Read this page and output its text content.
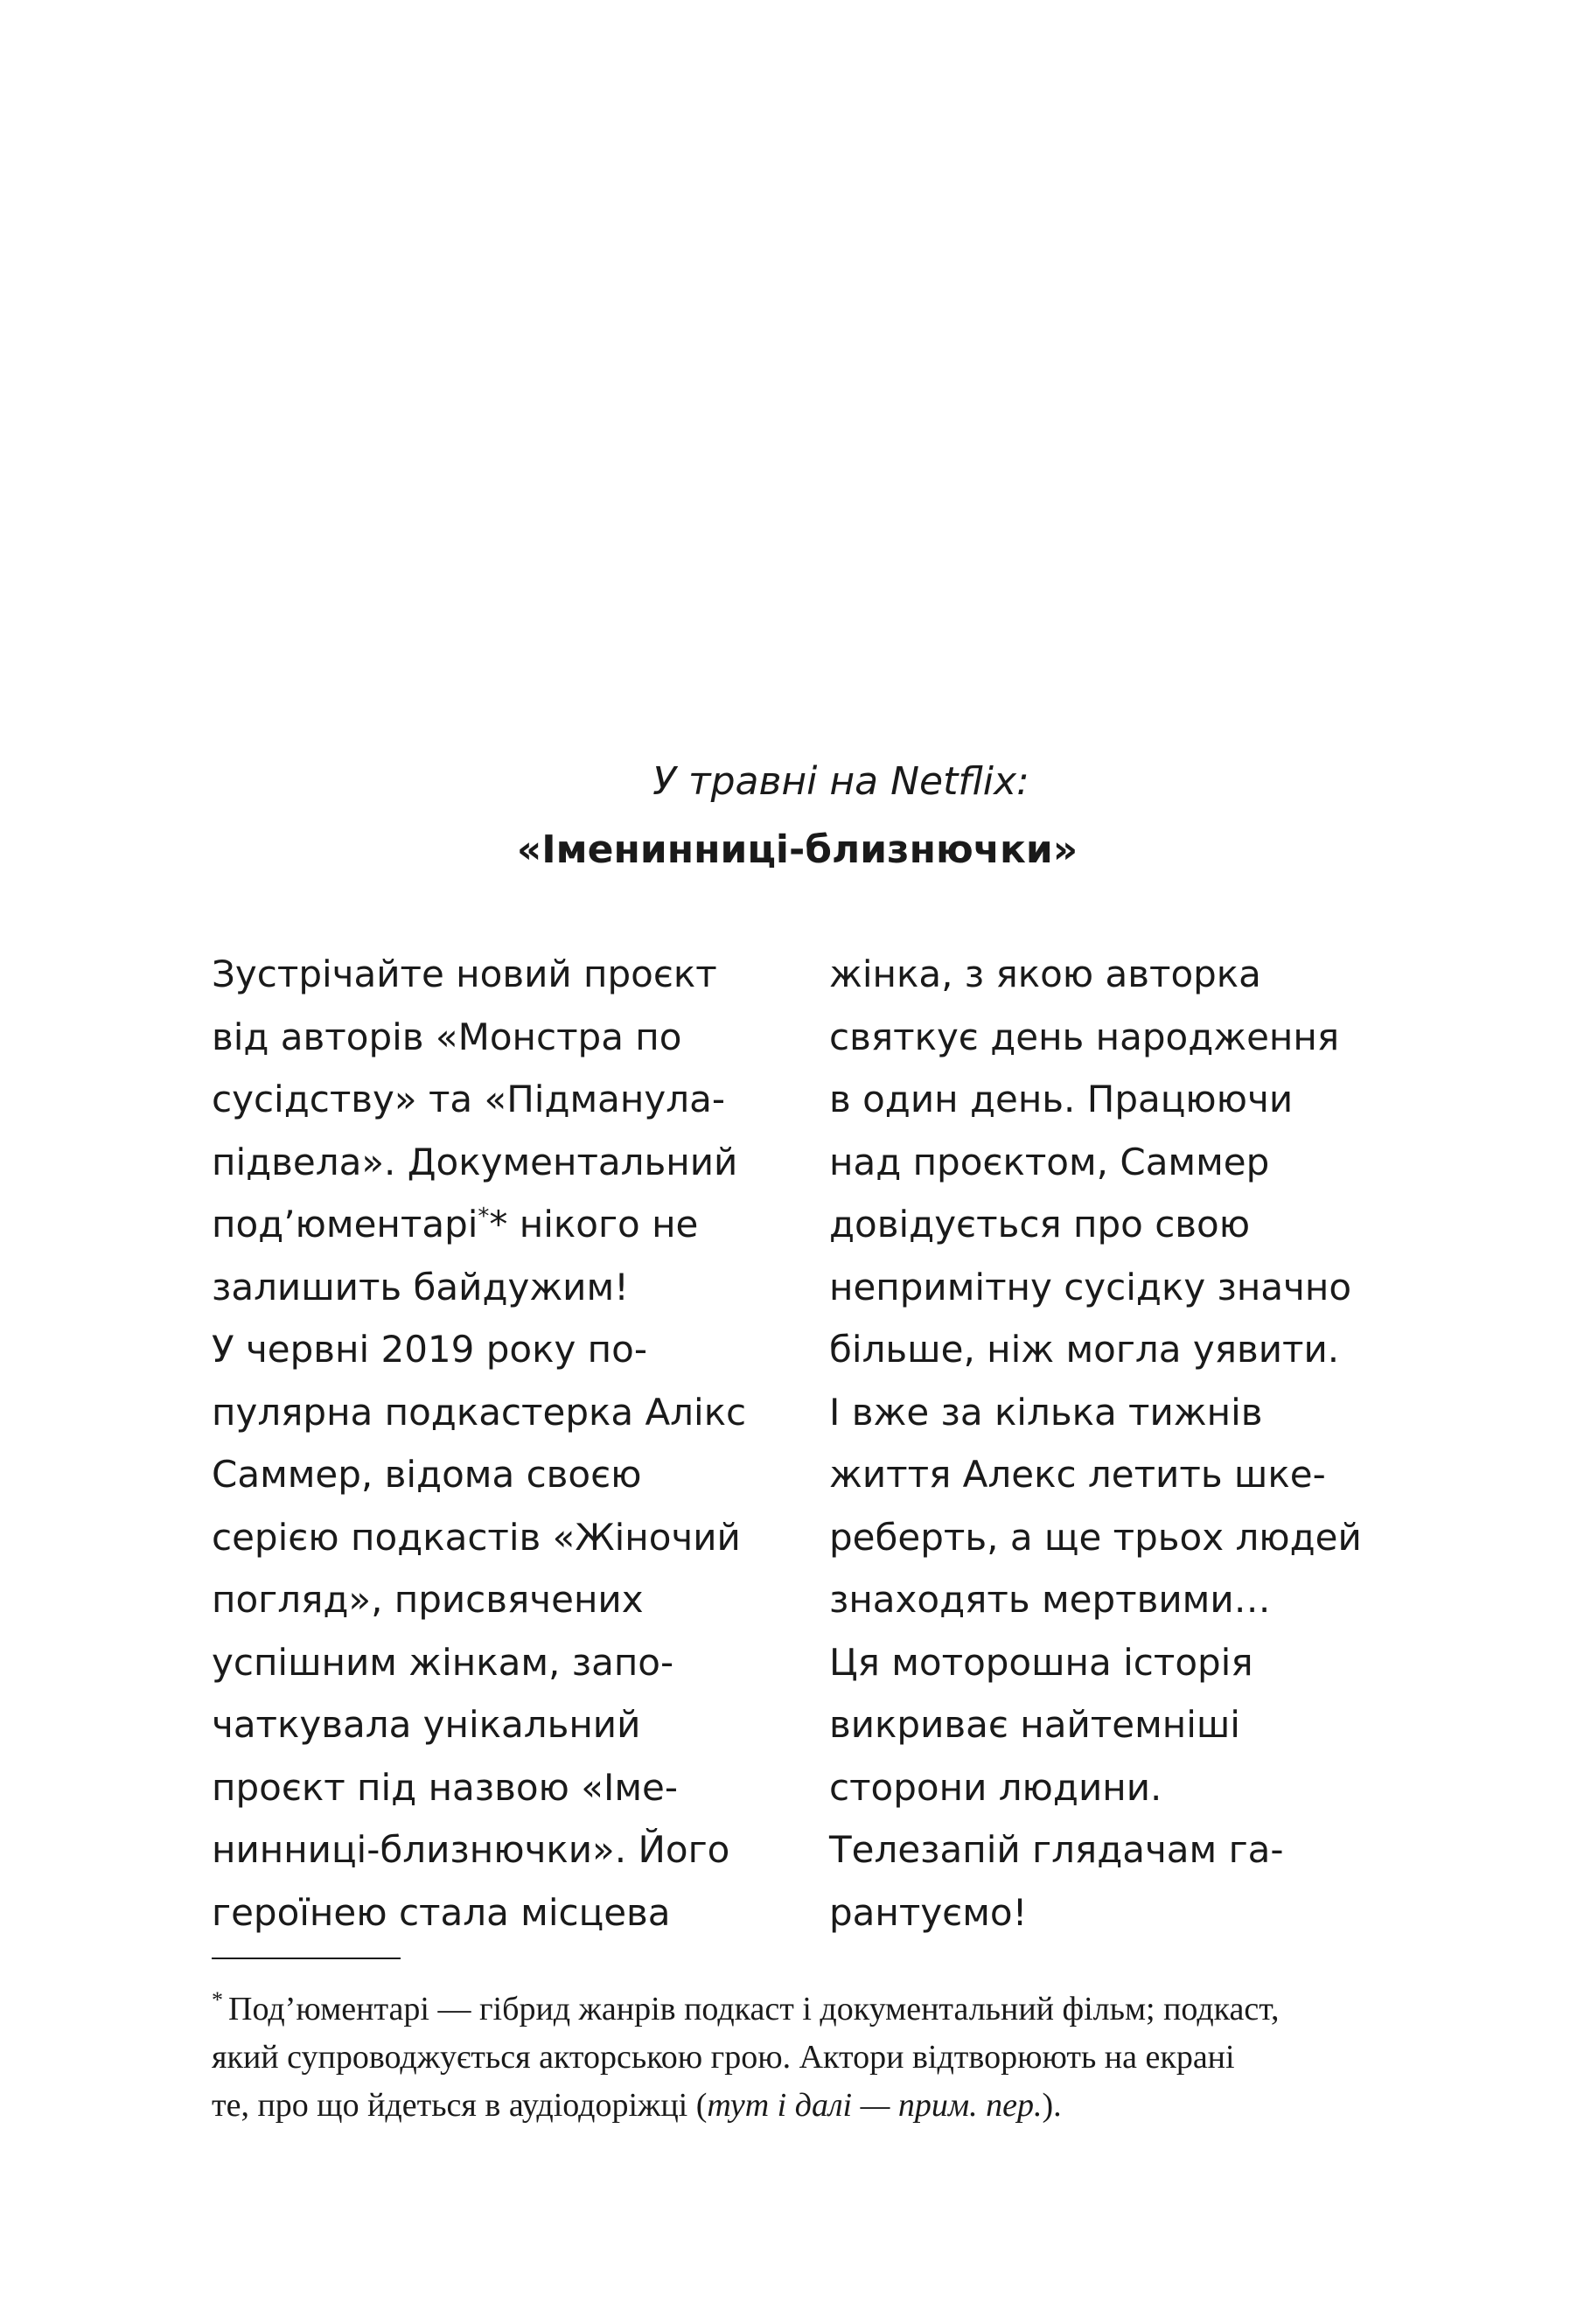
У травні на Netflix:
«Іменинниці-близнючки»
Зустрічайте новий проєкт
від авторів «Монстра по
сусідству» та «Підманула-
підвела». Документальний
под’юментарі** нікого не
залишить байдужим!
У червні 2019 року по-
пулярна подкастерка Алікс
Саммер, відома своєю
серією подкастів «Жіночий
погляд», присвячених
успішним жінкам, запо-
чаткувала унікальний
проєкт під назвою «Іме-
нинниці-близнючки». Його
героїнею стала місцева
жінка, з якою авторка
святкує день народження
в один день. Працюючи
над проєктом, Саммер
довідується про свою
непримітну сусідку значно
більше, ніж могла уявити.
І вже за кілька тижнів
життя Алекс летить шке-
реберть, а ще трьох людей
знаходять мертвими…
Ця моторошна історія
викриває найтемніші
сторони людини.
Телезапій глядачам га-
рантуємо!
* Под’юментарі — гібрид жанрів подкаст і документальний фільм; подкаст,
який супроводжується акторською грою. Актори відтворюють на екрані
те, про що йдеться в аудіодоріжці (тут і далі — прим. пер.).
